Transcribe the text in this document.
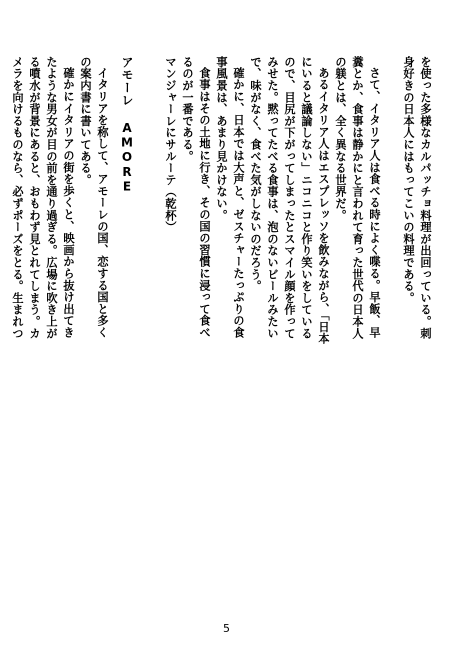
を使った多様なカルパッチョ料理が出回っている。刺
身好きの日本人にはもってこいの料理である。
さて、イタリア人は食べる時によく喋る。早飯、早
糞とか、食事は静かにと言われて育った世代の日本人
の躾とは、全く異なる世界だ。
あるイタリア人はエスプレッソを飲みながら、「日本
にいると議論しない」ニコニコと作り笑いをしている
ので、目尻が下がってしまったとスマイル顔を作って
みせた。黙ってたべる食事は、泡のないビールみたい
で、味がなく、食べた気がしないのだろう。
確かに、日本では大声と、ゼスチャーたっぷりの食
事風景は、あまり見かけない。
食事はその土地に行き、その国の習慣に浸って食べ
るのが一番である。
マンジャーレにサルーテ（乾杯）
アモーレ AMORE
イタリアを称して、アモーレの国、恋する国と多く
の案内書に書いてある。
確かにイタリアの街を歩くと、映画から抜け出てき
たような男女が目の前を通り過ぎる。広場に吹き上が
る噴水が背景にあると、おもわず見とれてしまう。カ
メラを向けるものなら、必ずポーズをとる。生まれつ
5
